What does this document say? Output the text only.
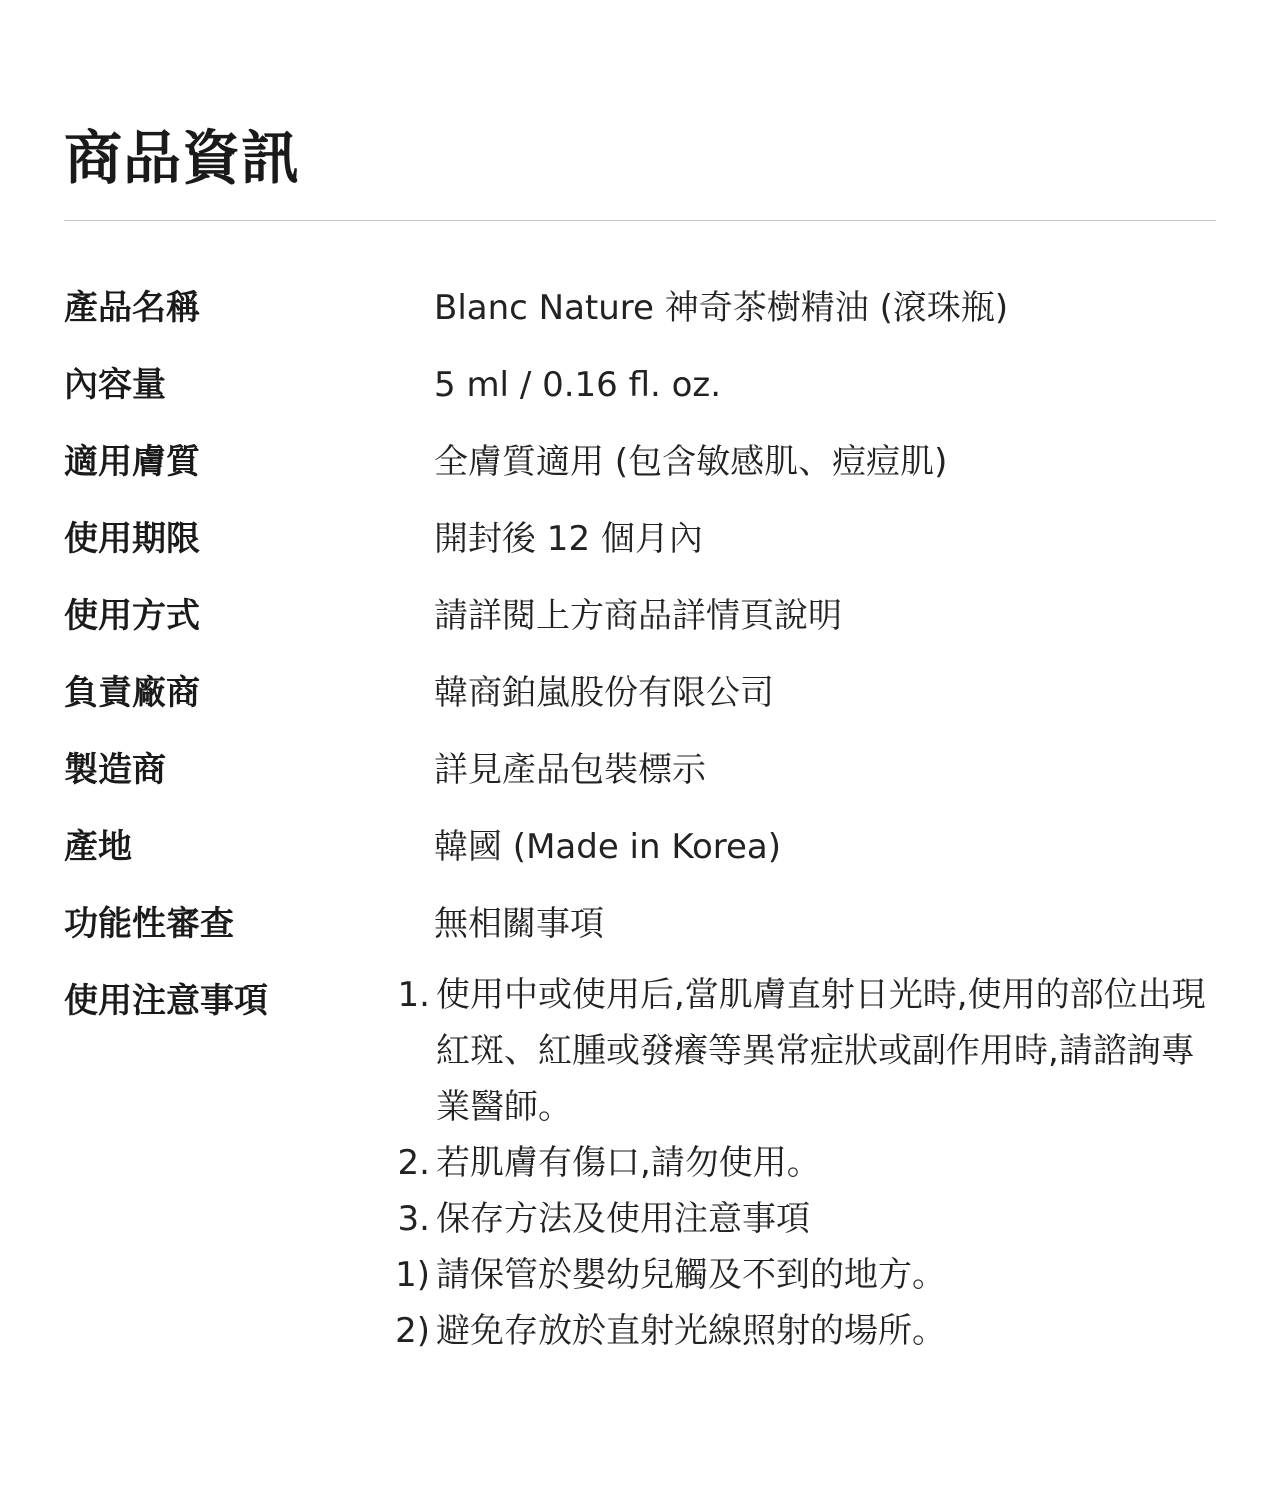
商品資訊
產品名稱	Blanc Nature 神奇茶樹精油 (滾珠瓶)
內容量	5 ml / 0.16 fl. oz.
適用膚質	全膚質適用 (包含敏感肌、痘痘肌)
使用期限	開封後 12 個月內
使用方式	請詳閱上方商品詳情頁說明
負責廠商	韓商鉑嵐股份有限公司
製造商	詳見產品包裝標示
產地	韓國 (Made in Korea)
功能性審查	無相關事項
使用注意事項	1. 使用中或使用后,當肌膚直射日光時,使用的部位出現紅斑、紅腫或發癢等異常症狀或副作用時,請諮詢專業醫師。
2. 若肌膚有傷口,請勿使用。
3. 保存方法及使用注意事項
1) 請保管於嬰幼兒觸及不到的地方。
2) 避免存放於直射光線照射的場所。
